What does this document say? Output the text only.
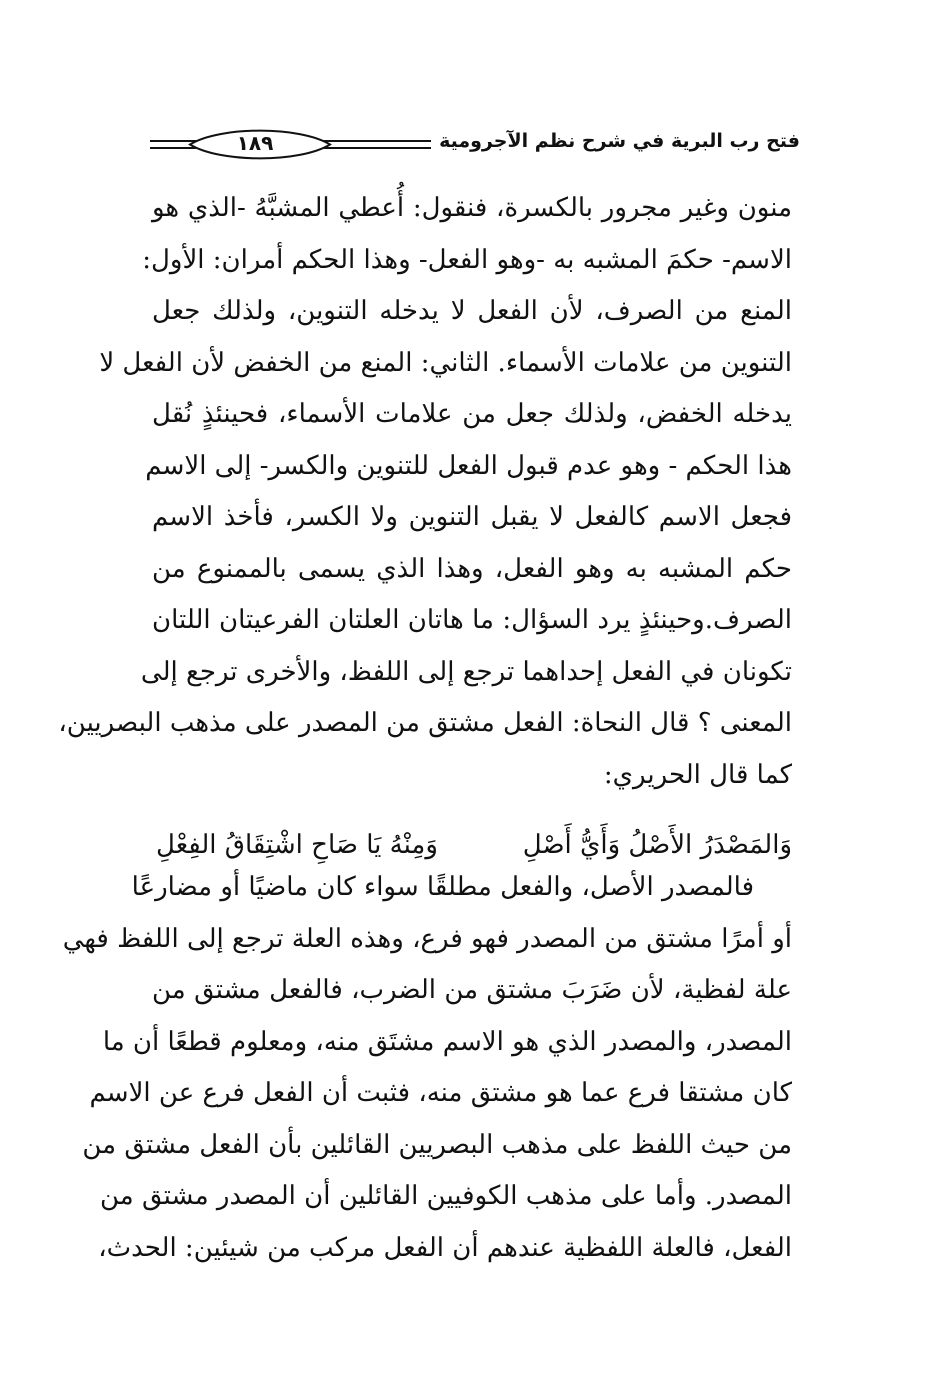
فتح رب البرية في شرح نظم الآجرومية
١٨٩
منون وغير مجرور بالكسرة، فنقول: أُعطي المشبَّهُ -الذي هو
الاسم- حكمَ المشبه به -وهو الفعل- وهذا الحكم أمران: الأول:
المنع من الصرف، لأن الفعل لا يدخله التنوين، ولذلك جعل
التنوين من علامات الأسماء. الثاني: المنع من الخفض لأن الفعل لا
يدخله الخفض، ولذلك جعل من علامات الأسماء، فحينئذٍ نُقل
هذا الحكم - وهو عدم قبول الفعل للتنوين والكسر- إلى الاسم
فجعل الاسم كالفعل لا يقبل التنوين ولا الكسر، فأخذ الاسم
حكم المشبه به وهو الفعل، وهذا الذي يسمى بالممنوع من
الصرف.وحينئذٍ يرد السؤال: ما هاتان العلتان الفرعيتان اللتان
تكونان في الفعل إحداهما ترجع إلى اللفظ، والأخرى ترجع إلى
المعنى ؟ قال النحاة: الفعل مشتق من المصدر على مذهب البصريين،
كما قال الحريري:
وَالمَصْدَرُ الأَصْلُ وَأَيُّ أَصْلِ
وَمِنْهُ يَا صَاحِ اشْتِقَاقُ الفِعْلِ
فالمصدر الأصل، والفعل مطلقًا سواء كان ماضيًا أو مضارعًا
أو أمرًا مشتق من المصدر فهو فرع، وهذه العلة ترجع إلى اللفظ فهي
علة لفظية، لأن ضَرَبَ مشتق من الضرب، فالفعل مشتق من
المصدر، والمصدر الذي هو الاسم مشتَق منه، ومعلوم قطعًا أن ما
كان مشتقا فرع عما هو مشتق منه، فثبت أن الفعل فرع عن الاسم
من حيث اللفظ على مذهب البصريين القائلين بأن الفعل مشتق من
المصدر. وأما على مذهب الكوفيين القائلين أن المصدر مشتق من
الفعل، فالعلة اللفظية عندهم أن الفعل مركب من شيئين: الحدث،
